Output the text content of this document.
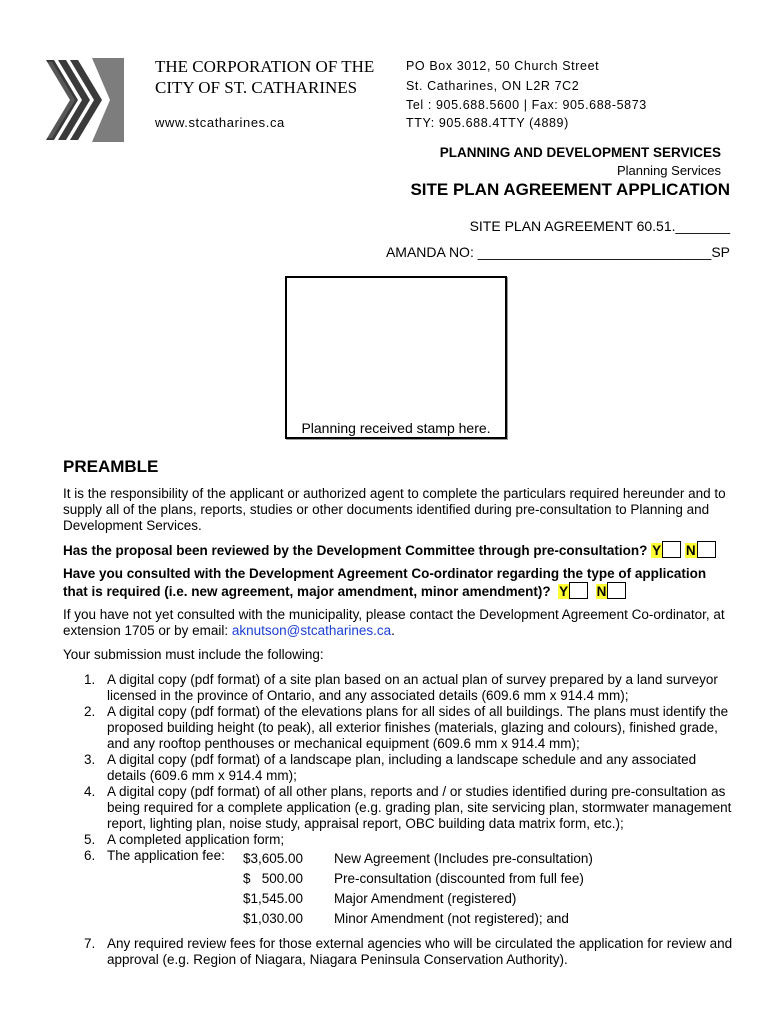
THE CORPORATION OF THE
CITY OF ST. CATHARINES
www.stcatharines.ca
PO Box 3012, 50 Church Street
St. Catharines, ON L2R 7C2
Tel : 905.688.5600 | Fax: 905.688-5873
TTY: 905.688.4TTY (4889)
PLANNING AND DEVELOPMENT SERVICES
Planning Services
SITE PLAN AGREEMENT APPLICATION
SITE PLAN AGREEMENT 60.51._______
AMANDA NO: ______________________________SP
Planning received stamp here.
PREAMBLE
It is the responsibility of the applicant or authorized agent to complete the particulars required hereunder and to supply all of the plans, reports, studies or other documents identified during pre-consultation to Planning and Development Services.
Has the proposal been reviewed by the Development Committee through pre-consultation? Y N
Have you consulted with the Development Agreement Co-ordinator regarding the type of application
that is required (i.e. new agreement, major amendment, minor amendment)? Y N
If you have not yet consulted with the municipality, please contact the Development Agreement Co-ordinator, at extension 1705 or by email: aknutson@stcatharines.ca.
Your submission must include the following:
1. A digital copy (pdf format) of a site plan based on an actual plan of survey prepared by a land surveyor licensed in the province of Ontario, and any associated details (609.6 mm x 914.4 mm);
2. A digital copy (pdf format) of the elevations plans for all sides of all buildings. The plans must identify the proposed building height (to peak), all exterior finishes (materials, glazing and colours), finished grade, and any rooftop penthouses or mechanical equipment (609.6 mm x 914.4 mm);
3. A digital copy (pdf format) of a landscape plan, including a landscape schedule and any associated details (609.6 mm x 914.4 mm);
4. A digital copy (pdf format) of all other plans, reports and / or studies identified during pre-consultation as being required for a complete application (e.g. grading plan, site servicing plan, stormwater management report, lighting plan, noise study, appraisal report, OBC building data matrix form, etc.);
5. A completed application form;
6. The application fee:	$3,605.00 New Agreement (Includes pre-consultation)
$   500.00 Pre-consultation (discounted from full fee)
$1,545.00 Major Amendment (registered)
$1,030.00 Minor Amendment (not registered); and
7. Any required review fees for those external agencies who will be circulated the application for review and approval (e.g. Region of Niagara, Niagara Peninsula Conservation Authority).
